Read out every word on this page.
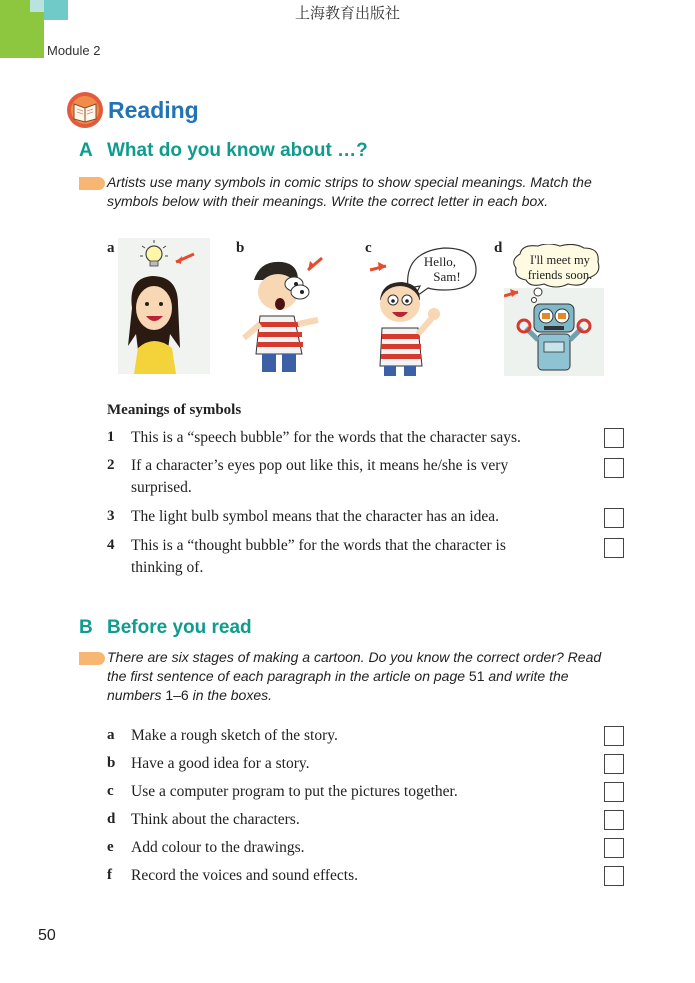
上海教育出版社
Module 2
Reading
A What do you know about …?
Artists use many symbols in comic strips to show special meanings. Match the symbols below with their meanings. Write the correct letter in each box.
a	b	c	d
Hello,
Sam!
I'll meet my
friends soon.
Meanings of symbols
1 This is a “speech bubble” for the words that the character says.
2 If a character’s eyes pop out like this, it means he/she is very surprised.
3 The light bulb symbol means that the character has an idea.
4 This is a “thought bubble” for the words that the character is thinking of.
B Before you read
There are six stages of making a cartoon. Do you know the correct order? Read the first sentence of each paragraph in the article on page 51 and write the numbers 1–6 in the boxes.
a Make a rough sketch of the story.
b Have a good idea for a story.
c Use a computer program to put the pictures together.
d Think about the characters.
e Add colour to the drawings.
f Record the voices and sound effects.
50
